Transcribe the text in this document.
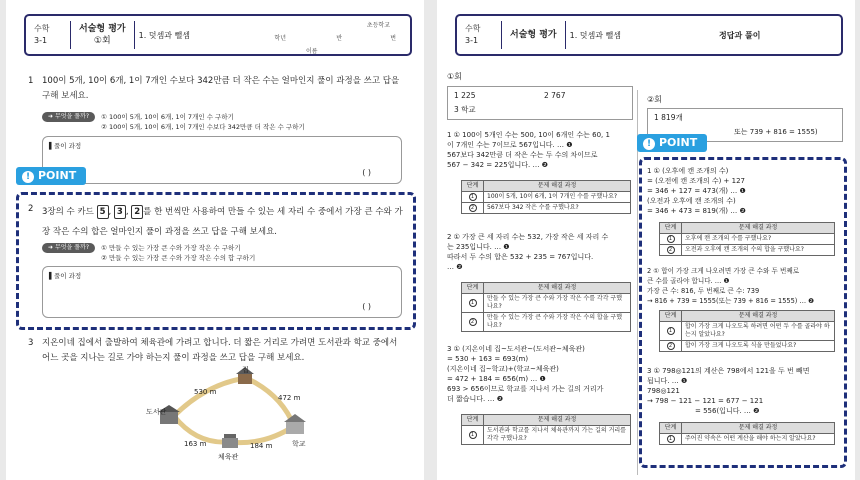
수학
3-1
서술형 평가
①회
1. 덧셈과 뺄셈
초등학교
학년	반	번
이름
1	100이 5개, 10이 6개, 1이 7개인 수보다 342만큼 더 작은 수는 얼마인지 풀이 과정을 쓰고 답을 구해 보세요.
➜ 무엇을 풀까? ① 100이 5개, 10이 6개, 1이 7개인 수 구하기
② 100이 5개, 10이 6개, 1이 7개인 수보다 342만큼 더 작은 수 구하기
▌풀이 과정
( )
! POINT
2	3장의 수 카드 5 , 3 , 2 를 한 번씩만 사용하여 만들 수 있는 세 자리 수 중에서 가장 큰 수와 가장 작은 수의 합은 얼마인지 풀이 과정을 쓰고 답을 구해 보세요.
➜ 무엇을 풀까? ① 만들 수 있는 가장 큰 수와 가장 작은 수 구하기
② 만들 수 있는 가장 큰 수와 가장 작은 수의 합 구하기
▌풀이 과정
( )
3	지온이네 집에서 출발하여 체육관에 가려고 합니다. 더 짧은 거리로 가려면 도서관과 학교 중에서 어느 곳을 지나는 길로 가야 하는지 풀이 과정을 쓰고 답을 구해 보세요.
집
도서관
학교
체육관
530 m
472 m
163 m	184 m
수학
3-1
서술형 평가	1. 덧셈과 뺄셈	정답과 풀이
①회
1 225	2 767
3 학교
1 ① 100이 5개인 수는 500, 10이 6개인 수는 60, 1
이 7개인 수는 7이므로 567입니다. … ❶
567보다 342만큼 더 작은 수는 두 수의 차이므로
567 − 342 = 225입니다. … ❷
단계	문제 해결 과정
1	100이 5개, 10이 6개, 1이 7개인 수를 구했나요?
2	567보다 342 작은 수를 구했나요?
2 ① 가장 큰 세 자리 수는 532, 가장 작은 세 자리 수
는 235입니다. … ❶
따라서 두 수의 합은 532 + 235 = 767입니다.
… ❷
단계	문제 해결 과정
1	만들 수 있는 가장 큰 수와 가장 작은 수를 각각 구했나요?
2	만들 수 있는 가장 큰 수와 가장 작은 수의 합을 구했나요?
3 ① (지온이네 집~도서관~(도서관~체육관)
= 530 + 163 = 693(m)
(지온이네 집~학교)+(학교~체육관)
= 472 + 184 = 656(m) … ❶
693 > 656이므로 학교를 지나서 가는 길의 거리가
더 짧습니다. … ❷
단계	문제 해결 과정
1	도서관과 학교를 지나서 체육관까지 가는 길의 거리를 각각 구했나요?
②회
1 819개
또는 739 + 816 = 1555)
! POINT
1 ① (오후에 캔 조개의 수)
= (오전에 캔 조개의 수) + 127
= 346 + 127 = 473(개) … ❶
(오전과 오후에 캔 조개의 수)
= 346 + 473 = 819(개) … ❷
단계	문제 해결 과정
1	오후에 캔 조개의 수를 구했나요?
2	오전과 오후에 캔 조개의 수의 합을 구했나요?
2 ① 합이 가장 크게 나오려면 가장 큰 수와 두 번째로
큰 수를 골라야 합니다. … ❶
가장 큰 수: 816, 두 번째로 큰 수: 739
→ 816 + 739 = 1555(또는 739 + 816 = 1555) … ❷
단계	문제 해결 과정
1	합이 가장 크게 나오도록 하려면 어떤 두 수를 골라야 하는지 알았나요?
2	합이 가장 크게 나오도록 식을 만들었나요?
3 ① 798◎121의 계산은 798에서 121을 두 번 빼면
됩니다. … ❶
798◎121
→ 798 − 121 − 121 = 677 − 121
= 556(입니다. … ❷
단계	문제 해결 과정
1	주어진 약속은 어떤 계산을 해야 하는지 알았나요?
